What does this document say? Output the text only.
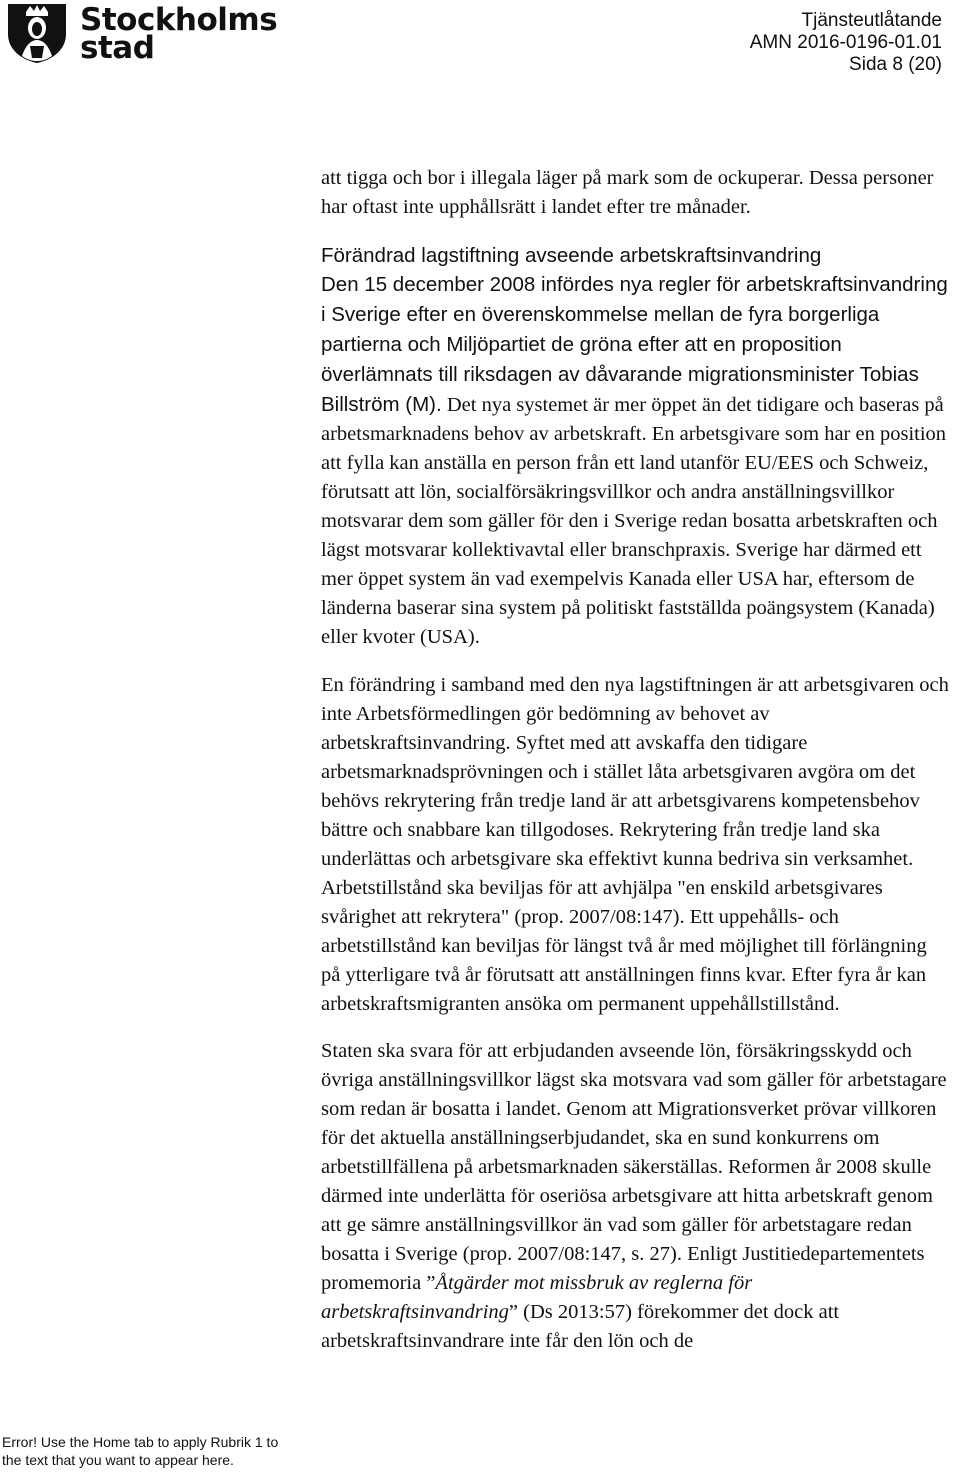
Stockholms
stad
Tjänsteutlåtande
AMN 2016-0196-01.01
Sida 8 (20)

att tigga och bor i illegala läger på mark som de ockuperar. Dessa personer har oftast inte upphållsrätt i landet efter tre månader.

Förändrad lagstiftning avseende arbetskraftsinvandring

Den 15 december 2008 infördes nya regler för arbetskraftsinvandring i Sverige efter en överenskommelse mellan de fyra borgerliga partierna och Miljöpartiet de gröna efter att en proposition överlämnats till riksdagen av dåvarande migrationsminister Tobias Billström (M). Det nya systemet är mer öppet än det tidigare och baseras på arbetsmarknadens behov av arbetskraft. En arbetsgivare som har en position att fylla kan anställa en person från ett land utanför EU/EES och Schweiz, förutsatt att lön, socialförsäkringsvillkor och andra anställningsvillkor motsvarar dem som gäller för den i Sverige redan bosatta arbetskraften och lägst motsvarar kollektivavtal eller branschpraxis. Sverige har därmed ett mer öppet system än vad exempelvis Kanada eller USA har, eftersom de länderna baserar sina system på politiskt fastställda poängsystem (Kanada) eller kvoter (USA).

En förändring i samband med den nya lagstiftningen är att arbetsgivaren och inte Arbetsförmedlingen gör bedömning av behovet av arbetskraftsinvandring. Syftet med att avskaffa den tidigare arbetsmarknadsprövningen och i stället låta arbetsgivaren avgöra om det behövs rekrytering från tredje land är att arbetsgivarens kompetensbehov bättre och snabbare kan tillgodoses. Rekrytering från tredje land ska underlättas och arbetsgivare ska effektivt kunna bedriva sin verksamhet. Arbetstillstånd ska beviljas för att avhjälpa "en enskild arbetsgivares svårighet att rekrytera" (prop. 2007/08:147). Ett uppehålls- och arbetstillstånd kan beviljas för längst två år med möjlighet till förlängning på ytterligare två år förutsatt att anställningen finns kvar. Efter fyra år kan arbetskraftsmigranten ansöka om permanent uppehållstillstånd.

Staten ska svara för att erbjudanden avseende lön, försäkringsskydd och övriga anställningsvillkor lägst ska motsvara vad som gäller för arbetstagare som redan är bosatta i landet. Genom att Migrationsverket prövar villkoren för det aktuella anställningserbjudandet, ska en sund konkurrens om arbetstillfällena på arbetsmarknaden säkerställas. Reformen år 2008 skulle därmed inte underlätta för oseriösa arbetsgivare att hitta arbetskraft genom att ge sämre anställningsvillkor än vad som gäller för arbetstagare redan bosatta i Sverige (prop. 2007/08:147, s. 27). Enligt Justitiedepartementets promemoria ”Åtgärder mot missbruk av reglerna för arbetskraftsinvandring” (Ds 2013:57) förekommer det dock att arbetskraftsinvandrare inte får den lön och de

Error! Use the Home tab to apply Rubrik 1 to the text that you want to appear here.
